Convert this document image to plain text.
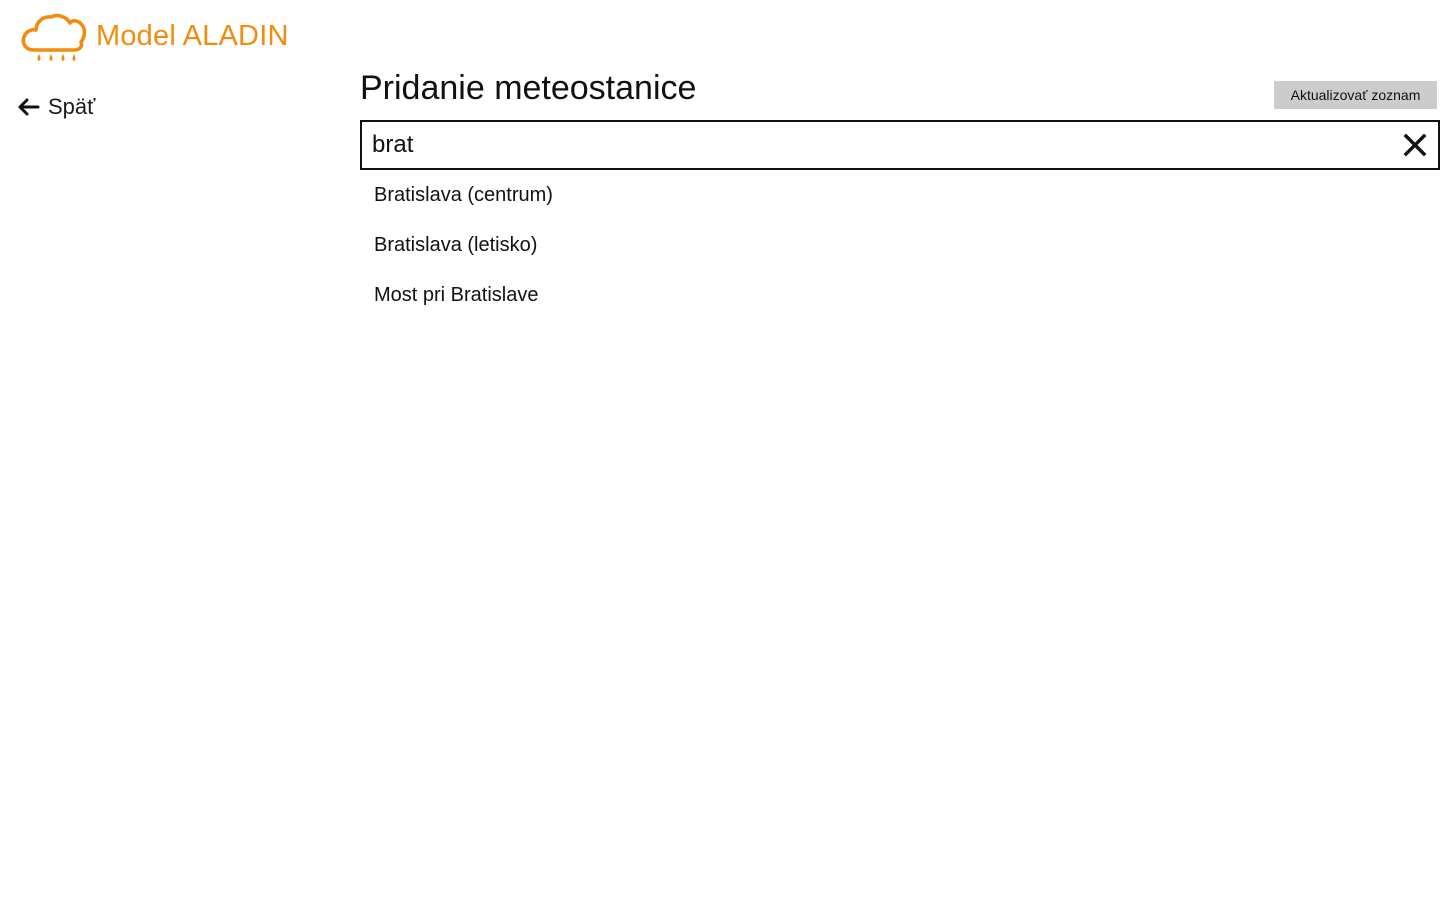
Model ALADIN
Späť	Pridanie meteostanice	Aktualizovať zoznam
brat
Bratislava (centrum)
Bratislava (letisko)
Most pri Bratislave
